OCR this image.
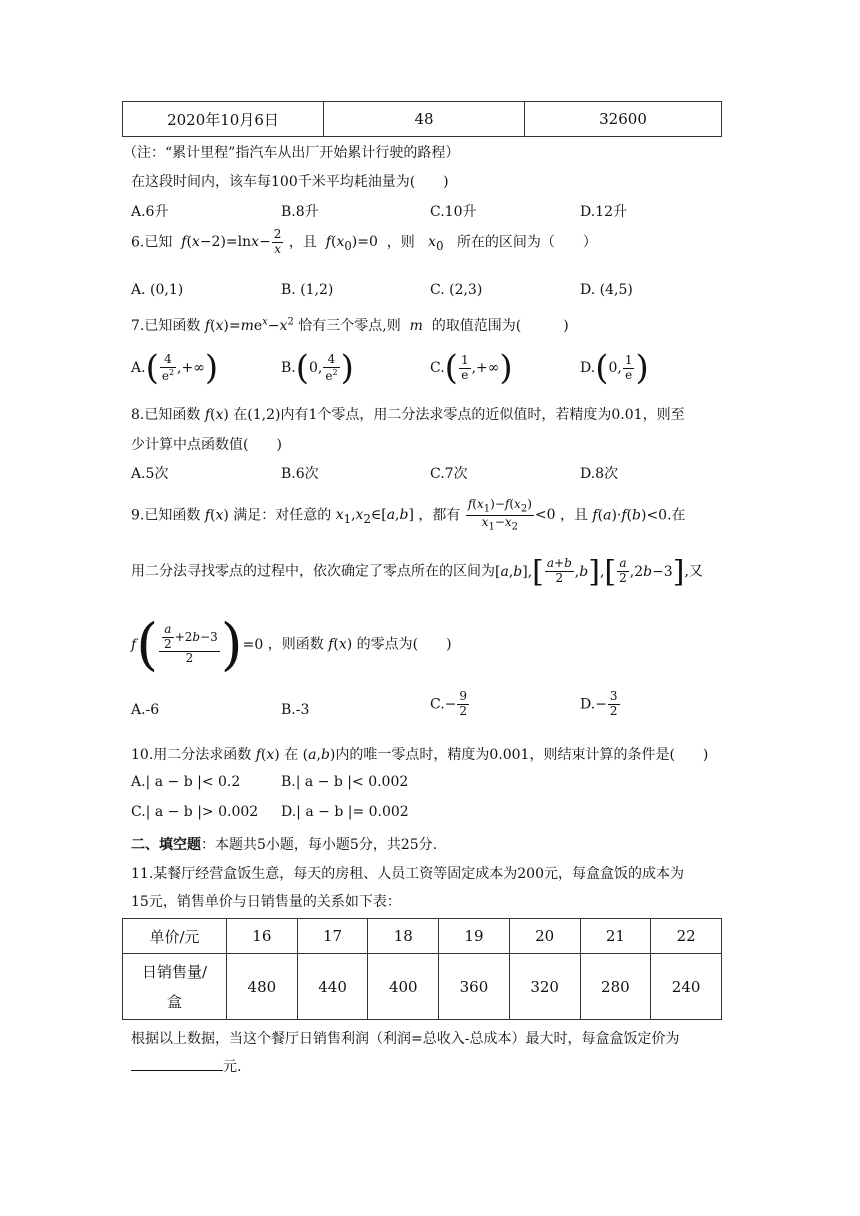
2020年10月6日	48	32600
（注：“累计里程”指汽车从出厂开始累计行驶的路程）
在这段时间内，该车每100千米平均耗油量为(　　)
A.6升	B.8升	C.10升	D.12升
6.已知 $f(x-2)=\ln x- \frac{2}{x}$ ，且 $f(x_0)=0$  ，则 $x_0$ 所在的区间为（　　）
A. (0,1)	B. (1,2)	C. (2,3)	D. (4,5)
7.已知函数 $f(x)=me^x-x^2$ 恰有三个零点,则 m 的取值范围为(　　　)
$A.( \frac{4}{e^2}$ ,+∞)	B.(0, $\frac{4}{e^2}$ )	$C.( \frac{1}{e}$ ,+∞)	D.(0, $\frac{1}{e}$ )
8.已知函数 f(x) 在(1,2)内有1个零点，用二分法求零点的近似值时，若精度为0.01，则至
少计算中点函数值(　　)
A.5次	B.6次	C.7次	D.8次
9.已知函数 f(x) 满足：对任意的 $x_1,x_2\in[a,b]$ ，都有 $\frac{f(x_1)-f(x_2)}{x_1-x_2} <0$ ，且 f(a)·f(b)<0.在
用二分法寻找零点的过程中，依次确定了零点所在的区间为$[a,b],[ \frac{a+b}{2} ,b],[ \frac{a}{2} ,2b-3]$,又
$f( \frac{\frac{a}{2} +2b-3}{2} )=0$ ，则函数 f(x) 的零点为(　　)
A.-6	B.-3	$C.- \frac{9}{2}$	$D.- \frac{3}{2}$
10.用二分法求函数 f(x) 在 (a,b)内的唯一零点时，精度为0.001，则结束计算的条件是(　　)
A.| a − b |< 0.2	B.| a − b |< 0.002
C.| a − b |> 0.002 D.| a − b |= 0.002
二、填空题：本题共5小题，每小题5分，共25分.
11.某餐厅经营盒饭生意，每天的房租、人员工资等固定成本为200元，每盒盒饭的成本为
15元，销售单价与日销售量的关系如下表：
单价/元	16	17	18	19	20	21	22
日销售量/
盒	480	440	400	360	320	280	240
根据以上数据，当这个餐厅日销售利润（利润=总收入-总成本）最大时，每盒盒饭定价为
元.
